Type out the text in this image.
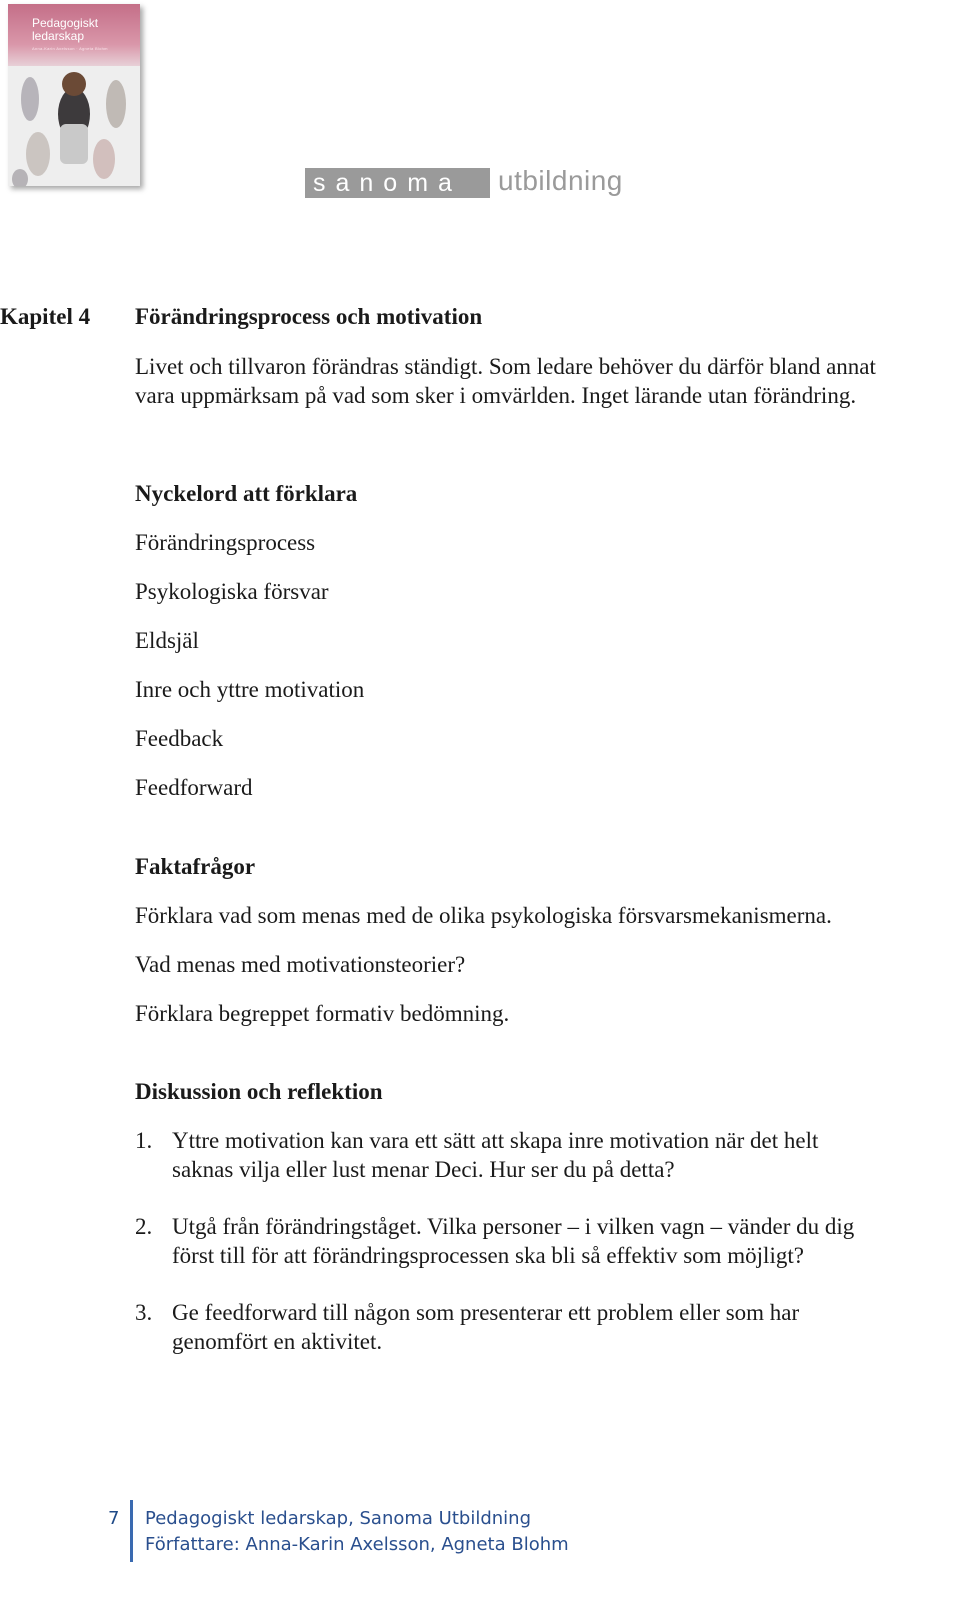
Pedagogiskt
ledarskap
Anna-Karin Axelsson · Agneta Blohm
sanoma	utbildning
Kapitel 4 Förändringsprocess och motivation
Livet och tillvaron förändras ständigt. Som ledare behöver du därför bland annat
vara uppmärksam på vad som sker i omvärlden. Inget lärande utan förändring.
Nyckelord att förklara
Förändringsprocess
Psykologiska försvar
Eldsjäl
Inre och yttre motivation
Feedback
Feedforward
Faktafrågor
Förklara vad som menas med de olika psykologiska försvarsmekanismerna.
Vad menas med motivationsteorier?
Förklara begreppet formativ bedömning.
Diskussion och reflektion
1. Yttre motivation kan vara ett sätt att skapa inre motivation när det helt
saknas vilja eller lust menar Deci. Hur ser du på detta?
2. Utgå från förändringståget. Vilka personer – i vilken vagn – vänder du dig
först till för att förändringsprocessen ska bli så effektiv som möjligt?
3. Ge feedforward till någon som presenterar ett problem eller som har
genomfört en aktivitet.
7 Pedagogiskt ledarskap, Sanoma Utbildning
Författare: Anna-Karin Axelsson, Agneta Blohm
